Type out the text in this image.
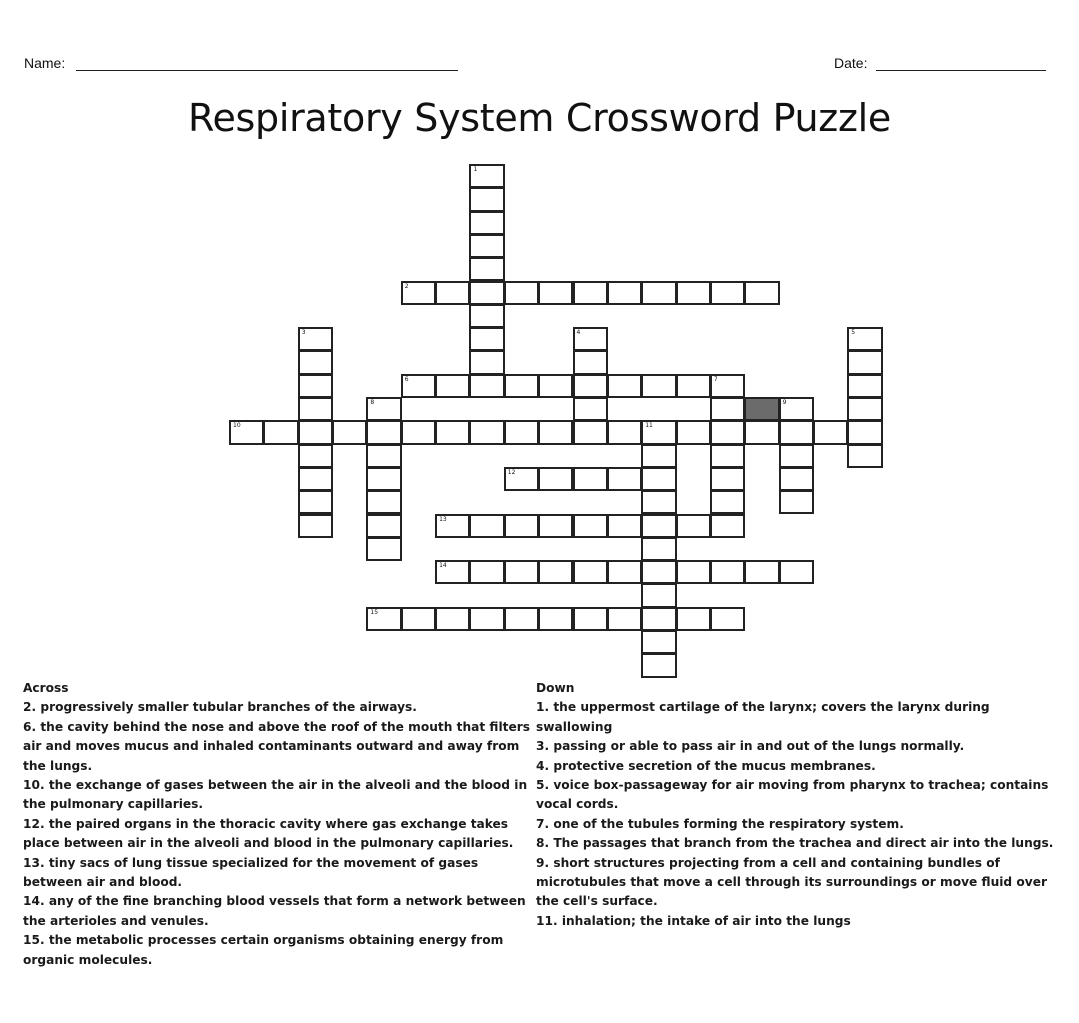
Name:	Date:
Respiratory System Crossword Puzzle
1
2
3	4	5
6	7
8	9
10	11
12
13
14
15

Across

2. progressively smaller tubular branches of the airways.

6. the cavity behind the nose and above the roof of the mouth that filters air and moves mucus and inhaled contaminants outward and away from the lungs.

10. the exchange of gases between the air in the alveoli and the blood in the pulmonary capillaries.

12. the paired organs in the thoracic cavity where gas exchange takes place between air in the alveoli and blood in the pulmonary capillaries.

13. tiny sacs of lung tissue specialized for the movement of gases between air and blood.

14. any of the fine branching blood vessels that form a network between the arterioles and venules.

15. the metabolic processes certain organisms obtaining energy from organic molecules.

Down

1. the uppermost cartilage of the larynx; covers the larynx during swallowing

3. passing or able to pass air in and out of the lungs normally.

4. protective secretion of the mucus membranes.

5. voice box-passageway for air moving from pharynx to trachea; contains vocal cords.

7. one of the tubules forming the respiratory system.

8. The passages that branch from the trachea and direct air into the lungs.

9. short structures projecting from a cell and containing bundles of microtubules that move a cell through its surroundings or move fluid over the cell's surface.

11. inhalation; the intake of air into the lungs
